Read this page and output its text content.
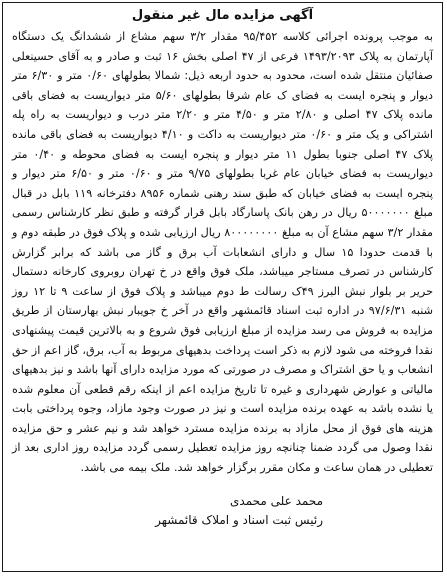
آگهی مزایده مال غیر منقول

به موجب پرونده اجرائی کلاسه ۹۵/۴۵۲ مقدار ۳/۲ سهم مشاع از ششدانگ یک دستگاه آپارتمان به پلاک ۱۴۹۳/۲۰۹۳ فرعی از ۴۷ اصلی بخش ۱۶ ثبت و صادر و به آقای حسینعلی صفائیان منتقل شده است، محدود به حدود اربعه ذیل: شمالا بطولهای ۰/۶۰ متر و ۶/۳۰ متر دیوار و پنجره ایست به فضای ک عام شرقا بطولهای ۵/۶۰ متر دیواریست به فضای باقی مانده پلاک ۴۷ اصلی و ۲/۸۰ متر و ۴/۵۰ متر و ۲/۲۰ متر درب و دیواریست به راه پله اشتراکی و یک متر و ۰/۶۰ متر دیواریست به داکت و ۴/۱۰ دیواریست به فضای باقی مانده پلاک ۴۷ اصلی جنوبا بطول ۱۱ متر دیوار و پنجره ایست به فضای محوطه و ۰/۴۰ متر دیواریست به فضای خیابان عام غربا بطولهای ۹/۷۵ متر و ۰/۶۰ متر و ۶/۵۰ متر دیوار و پنجره ایست به فضای خیابان که طبق سند رهنی شماره ۸۹۵۶ دفترخانه ۱۱۹ بابل در قبال مبلغ ۵۰۰۰۰۰۰۰ ریال در رهن بانک پاسارگاد بابل قرار گرفته و طبق نظر کارشناس رسمی مقدار ۳/۲ سهم مشاع آن به مبلغ ۸۰۰۰۰۰۰۰۰ ریال ارزیابی شده و پلاک فوق در طبقه دوم و با قدمت حدودا ۱۵ سال و دارای انشعابات آب برق و گاز می باشد که برابر گزارش کارشناس در تصرف مستاجر میباشد، ملک فوق واقع در خ تهران روبروی کارخانه دستمال حریر بر بلوار نبش البرز ۴۹ک رسالت ط دوم میباشد و پلاک فوق از ساعت ۹ تا ۱۲ روز شنبه ۹۷/۶/۳۱ در اداره ثبت اسناد قائمشهر واقع در آخر خ جویبار نبش بهارستان از طریق مزایده به فروش می رسد مزایده از مبلغ ارزیابی فوق شروع و به بالاترین قیمت پیشنهادی نقدا فروخته می شود لازم به ذکر است پرداخت بدهیهای مربوط به آب، برق، گاز اعم از حق انشعاب و یا حق اشتراک و مصرف در صورتی که مورد مزایده دارای آنها باشد و نیز بدهیهای مالیاتی و عوارض شهرداری و غیره تا تاریخ مزایده اعم از اینکه رقم قطعی آن معلوم شده یا نشده باشد به عهده برنده مزایده است و نیز در صورت وجود مازاد، وجوه پرداختی بابت هزینه های فوق از محل مازاد به برنده مزایده مسترد خواهد شد و نیم عشر و حق مزایده نقدا وصول می گردد ضمنا چنانچه روز مزایده تعطیل رسمی گردد مزایده روز اداری بعد از تعطیلی در همان ساعت و مکان مقرر برگزار خواهد شد. ملک بیمه می باشد.

محمد علی محمدی
رئیس ثبت اسناد و املاک قائمشهر
